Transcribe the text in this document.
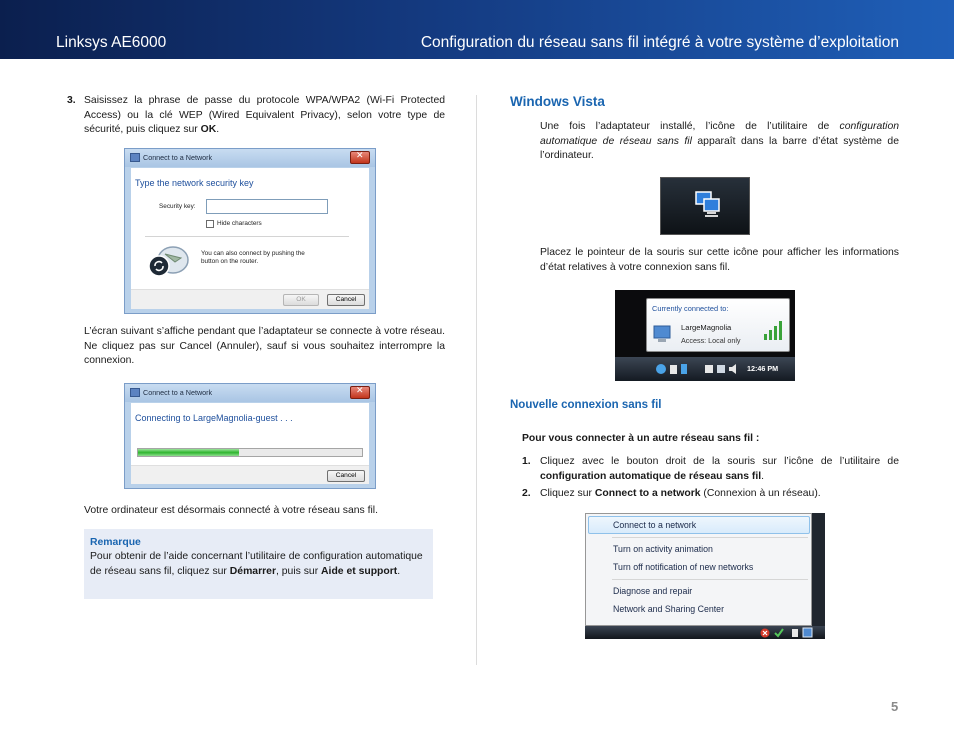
Linksys AE6000	Configuration du réseau sans fil intégré à votre système d’exploitation
3. Saisissez la phrase de passe du protocole WPA/WPA2 (Wi-Fi Protected Access) ou la clé WEP (Wired Equivalent Privacy), selon votre type de sécurité, puis cliquez sur OK.

Connect to a Network
✕
Type the network security key
Security key:
Hide characters
You can also connect by pushing the
button on the router.
OK	Cancel

L’écran suivant s’affiche pendant que l’adaptateur se connecte à votre réseau. Ne cliquez pas sur Cancel (Annuler), sauf si vous souhaitez interrompre la connexion.

Connect to a Network
✕
Connecting to LargeMagnolia-guest . . .
Cancel

Votre ordinateur est désormais connecté à votre réseau sans fil.

Remarque

Pour obtenir de l’aide concernant l’utilitaire de configuration automatique de réseau sans fil, cliquez sur Démarrer, puis sur Aide et support.

Windows Vista

Une fois l’adaptateur installé, l’icône de l’utilitaire de configuration automatique de réseau sans fil apparaît dans la barre d’état système de l’ordinateur.

Placez le pointeur de la souris sur cette icône pour afficher les informations d’état relatives à votre connexion sans fil.

Currently connected to:
LargeMagnolia
Access: Local only
12:46 PM
Nouvelle connexion sans fil

Pour vous connecter à un autre réseau sans fil :

1. Cliquez avec le bouton droit de la souris sur l’icône de l’utilitaire de configuration automatique de réseau sans fil.

2. Cliquez sur Connect to a network (Connexion à un réseau).

Connect to a network
Turn on activity animation
Turn off notification of new networks
Diagnose and repair
Network and Sharing Center
5
